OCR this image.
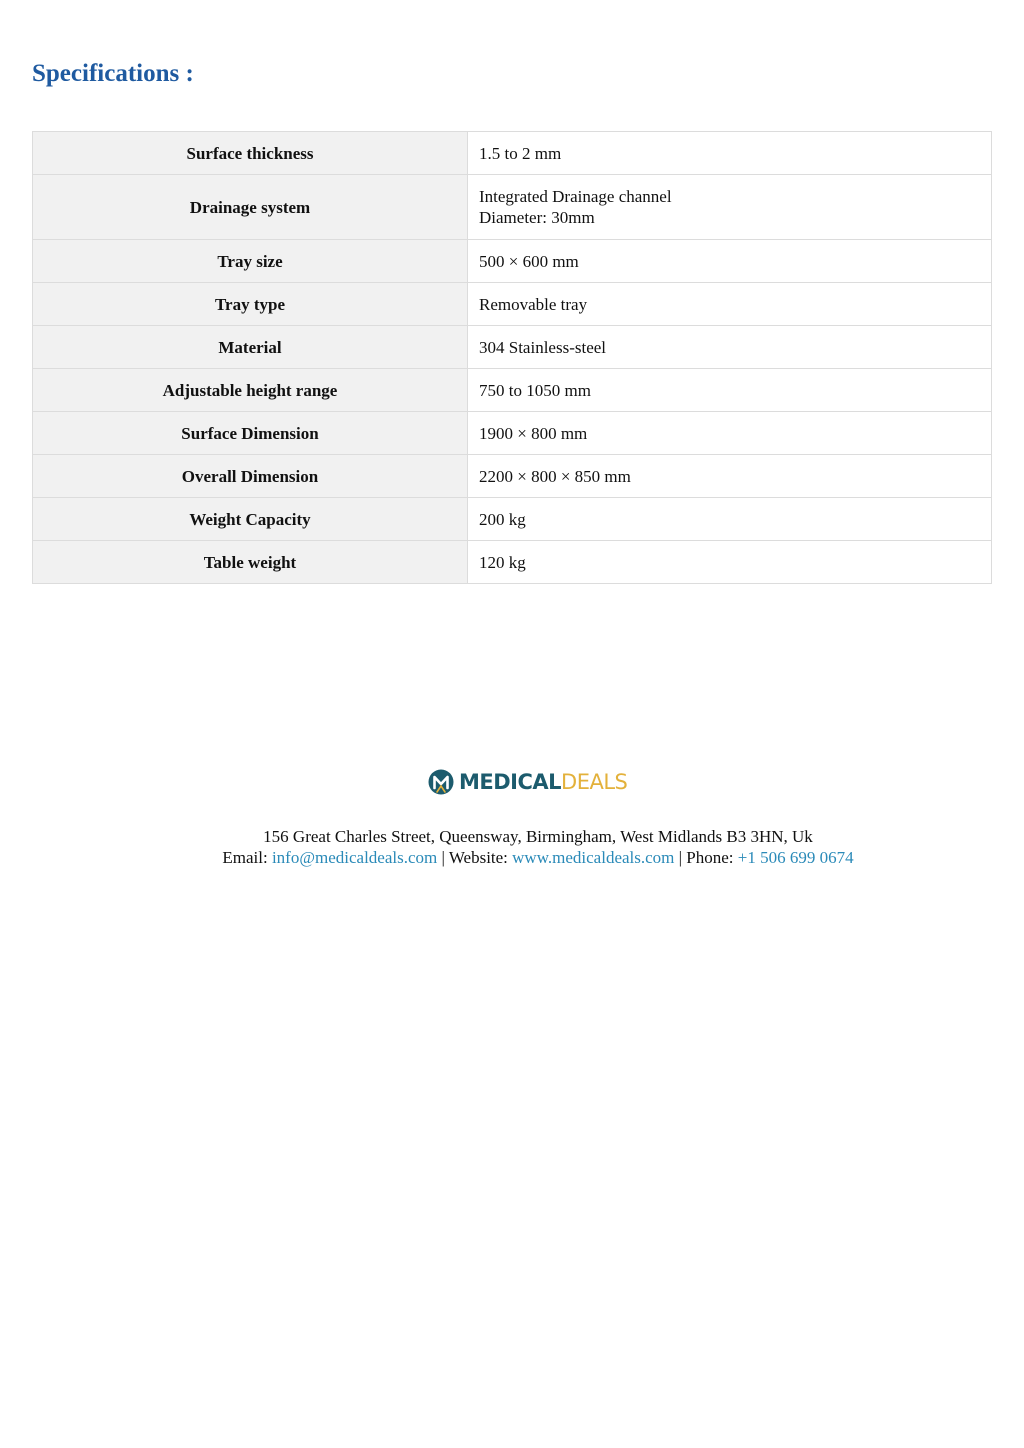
Specifications :
Surface thickness	1.5 to 2 mm
Drainage system	Integrated Drainage channel
Diameter: 30mm
Tray size	500 × 600 mm
Tray type	Removable tray
Material	304 Stainless-steel
Adjustable height range	750 to 1050 mm
Surface Dimension	1900 × 800 mm
Overall Dimension	2200 × 800 × 850 mm
Weight Capacity	200 kg
Table weight	120 kg
MEDICALDEALS
156 Great Charles Street, Queensway, Birmingham, West Midlands B3 3HN, Uk
Email: info@medicaldeals.com | Website: www.medicaldeals.com | Phone: +1 506 699 0674
